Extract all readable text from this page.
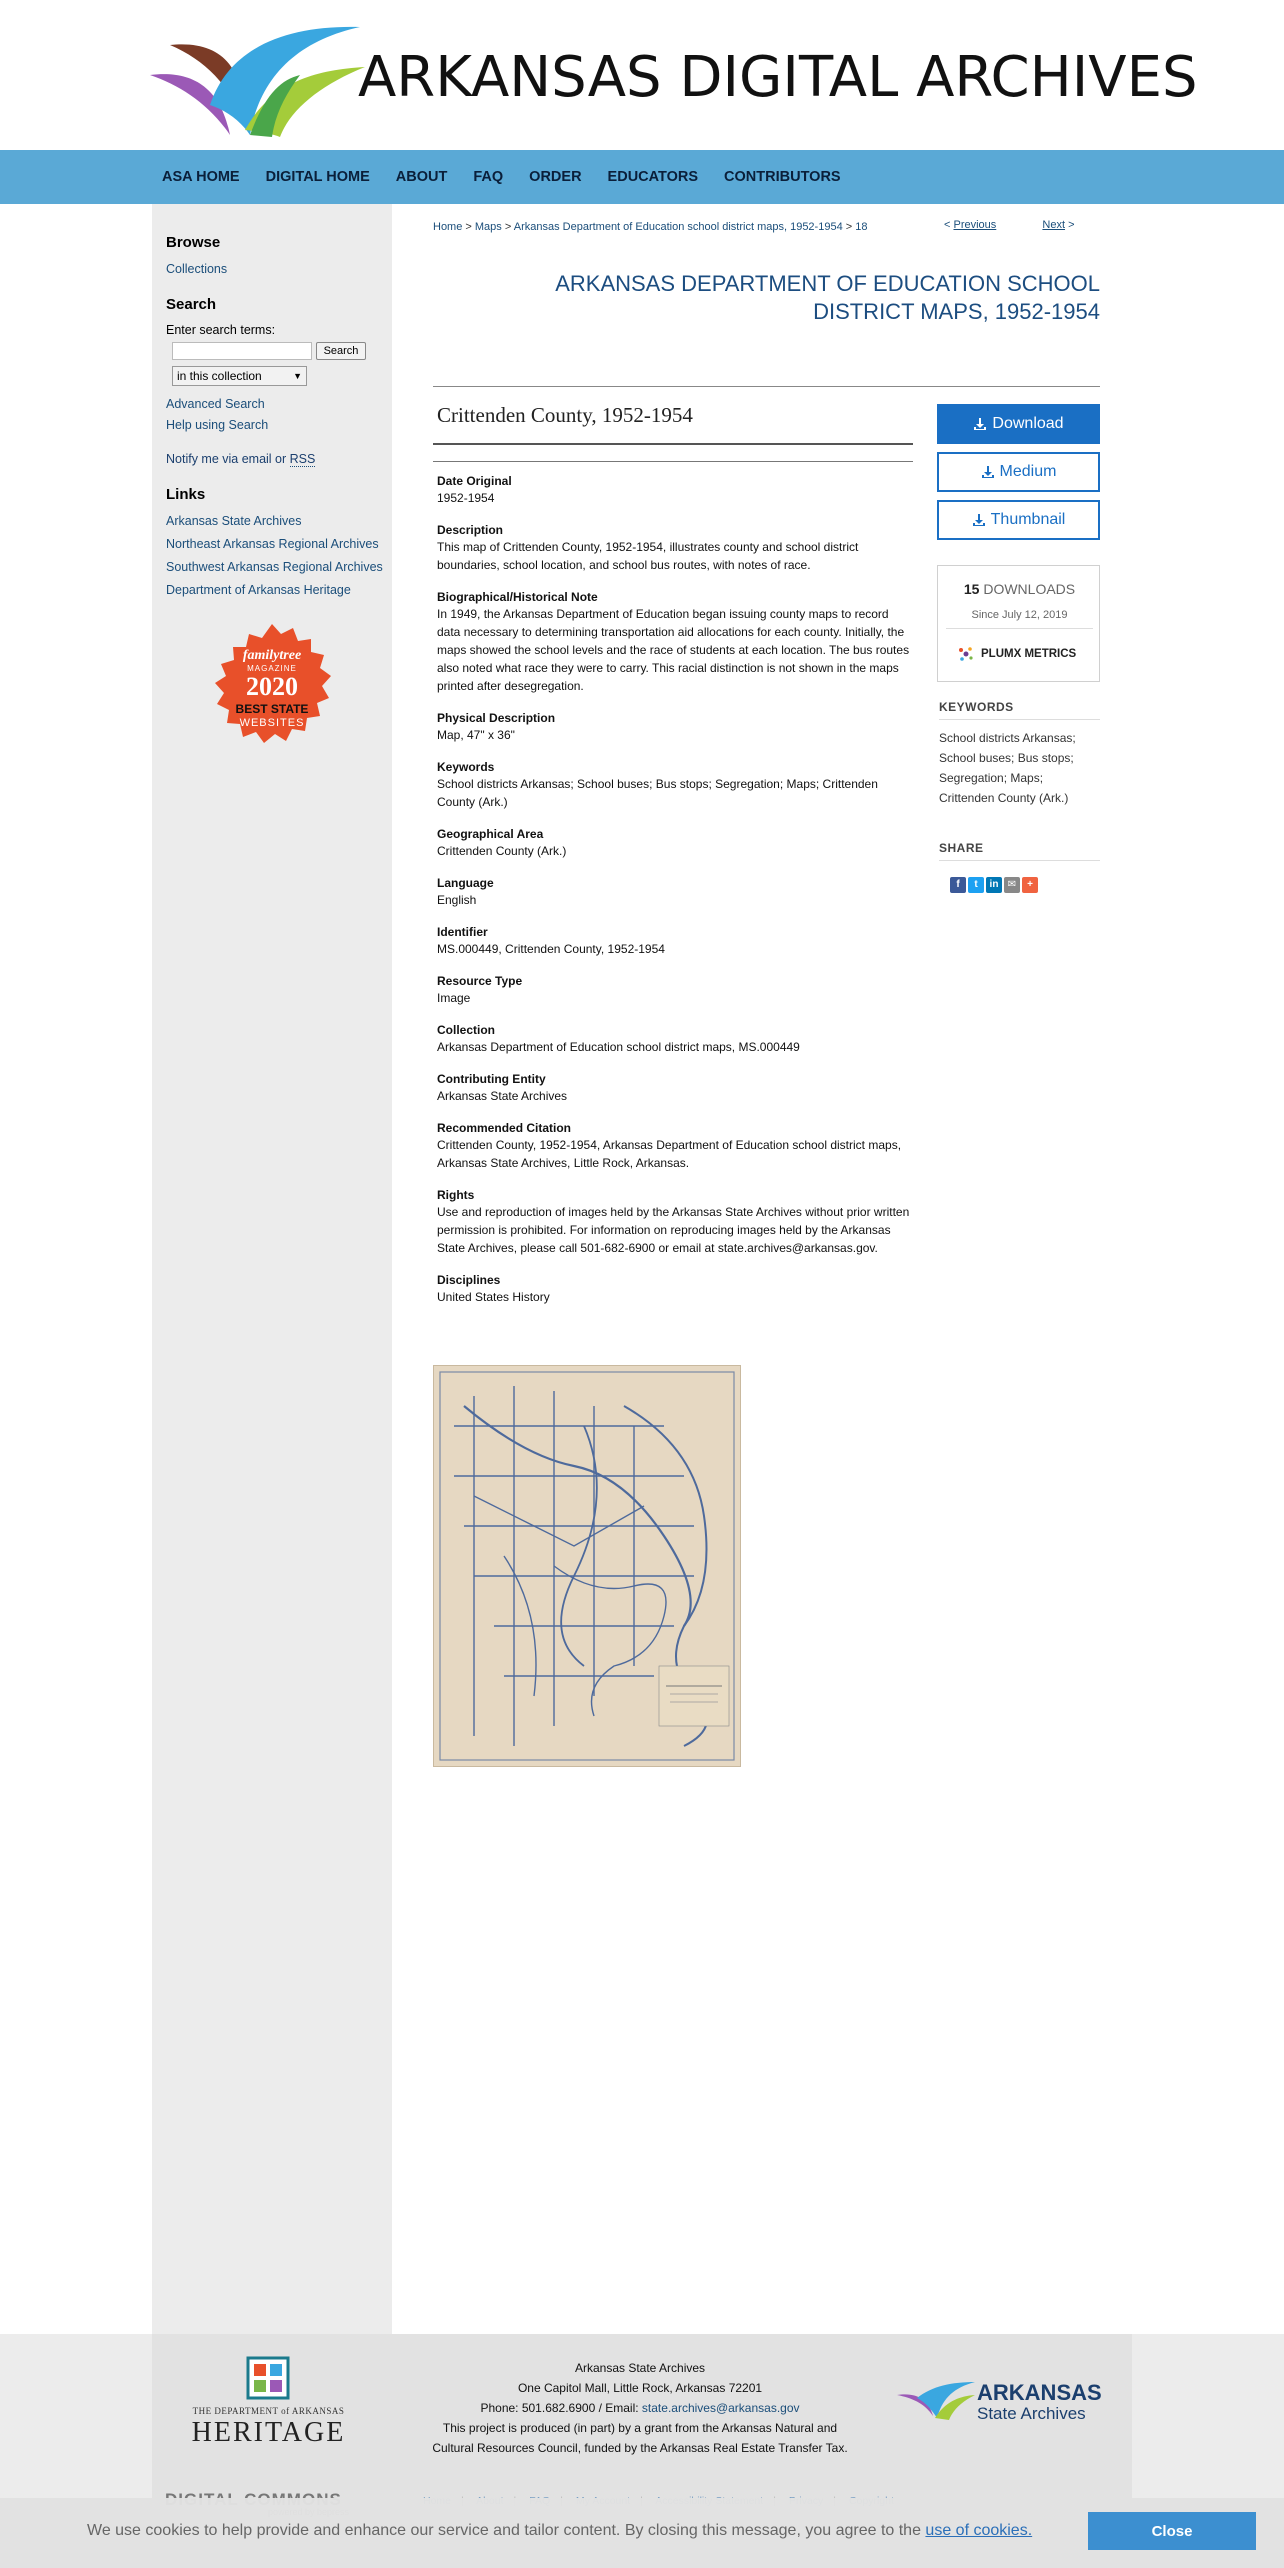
ARKANSAS DIGITAL ARCHIVES
ASA HOME DIGITAL HOME ABOUT FAQ ORDER EDUCATORS CONTRIBUTORS
Browse
Collections
Search
Enter search terms:
Search
in this collection	▼
Advanced Search
Help using Search
Notify me via email or RSS
Links
Arkansas State Archives
Northeast Arkansas Regional Archives
Southwest Arkansas Regional Archives
Department of Arkansas Heritage
familytree
MAGAZINE
2020
BEST STATE
WEBSITES
Home > Maps > Arkansas Department of Education school district maps, 1952-1954 > 18	< Previous	Next >
ARKANSAS DEPARTMENT OF EDUCATION SCHOOL DISTRICT MAPS, 1952-1954
Crittenden County, 1952-1954
Date Original
1952-1954
Description
This map of Crittenden County, 1952-1954, illustrates county and school district boundaries, school location, and school bus routes, with notes of race.
Biographical/Historical Note
In 1949, the Arkansas Department of Education began issuing county maps to record data necessary to determining transportation aid allocations for each county. Initially, the maps showed the school levels and the race of students at each location. The bus routes also noted what race they were to carry. This racial distinction is not shown in the maps printed after desegregation.
Physical Description
Map, 47" x 36"
Keywords
School districts Arkansas; School buses; Bus stops; Segregation; Maps; Crittenden County (Ark.)
Geographical Area
Crittenden County (Ark.)
Language
English
Identifier
MS.000449, Crittenden County, 1952-1954
Resource Type
Image
Collection
Arkansas Department of Education school district maps, MS.000449
Contributing Entity
Arkansas State Archives
Recommended Citation
Crittenden County, 1952-1954, Arkansas Department of Education school district maps, Arkansas State Archives, Little Rock, Arkansas.
Rights
Use and reproduction of images held by the Arkansas State Archives without prior written permission is prohibited. For information on reproducing images held by the Arkansas State Archives, please call 501-682-6900 or email at state.archives@arkansas.gov.
Disciplines
United States History
Download
Medium
Thumbnail
15 DOWNLOADS
Since July 12, 2019
PLUMX METRICS
KEYWORDS
School districts Arkansas; School buses; Bus stops; Segregation; Maps; Crittenden County (Ark.)
SHARE
f	t	in ✉	+
THE DEPARTMENT of ARKANSAS
HERITAGE
Arkansas State Archives
One Capitol Mall, Little Rock, Arkansas 72201
Phone: 501.682.6900 / Email: state.archives@arkansas.gov
This project is produced (in part) by a grant from the Arkansas Natural and
Cultural Resources Council, funded by the Arkansas Real Estate Transfer Tax.
ARKANSAS
State Archives
We use cookies to help provide and enhance our service and tailor content. By closing this message, you agree to the use of cookies.	Close
